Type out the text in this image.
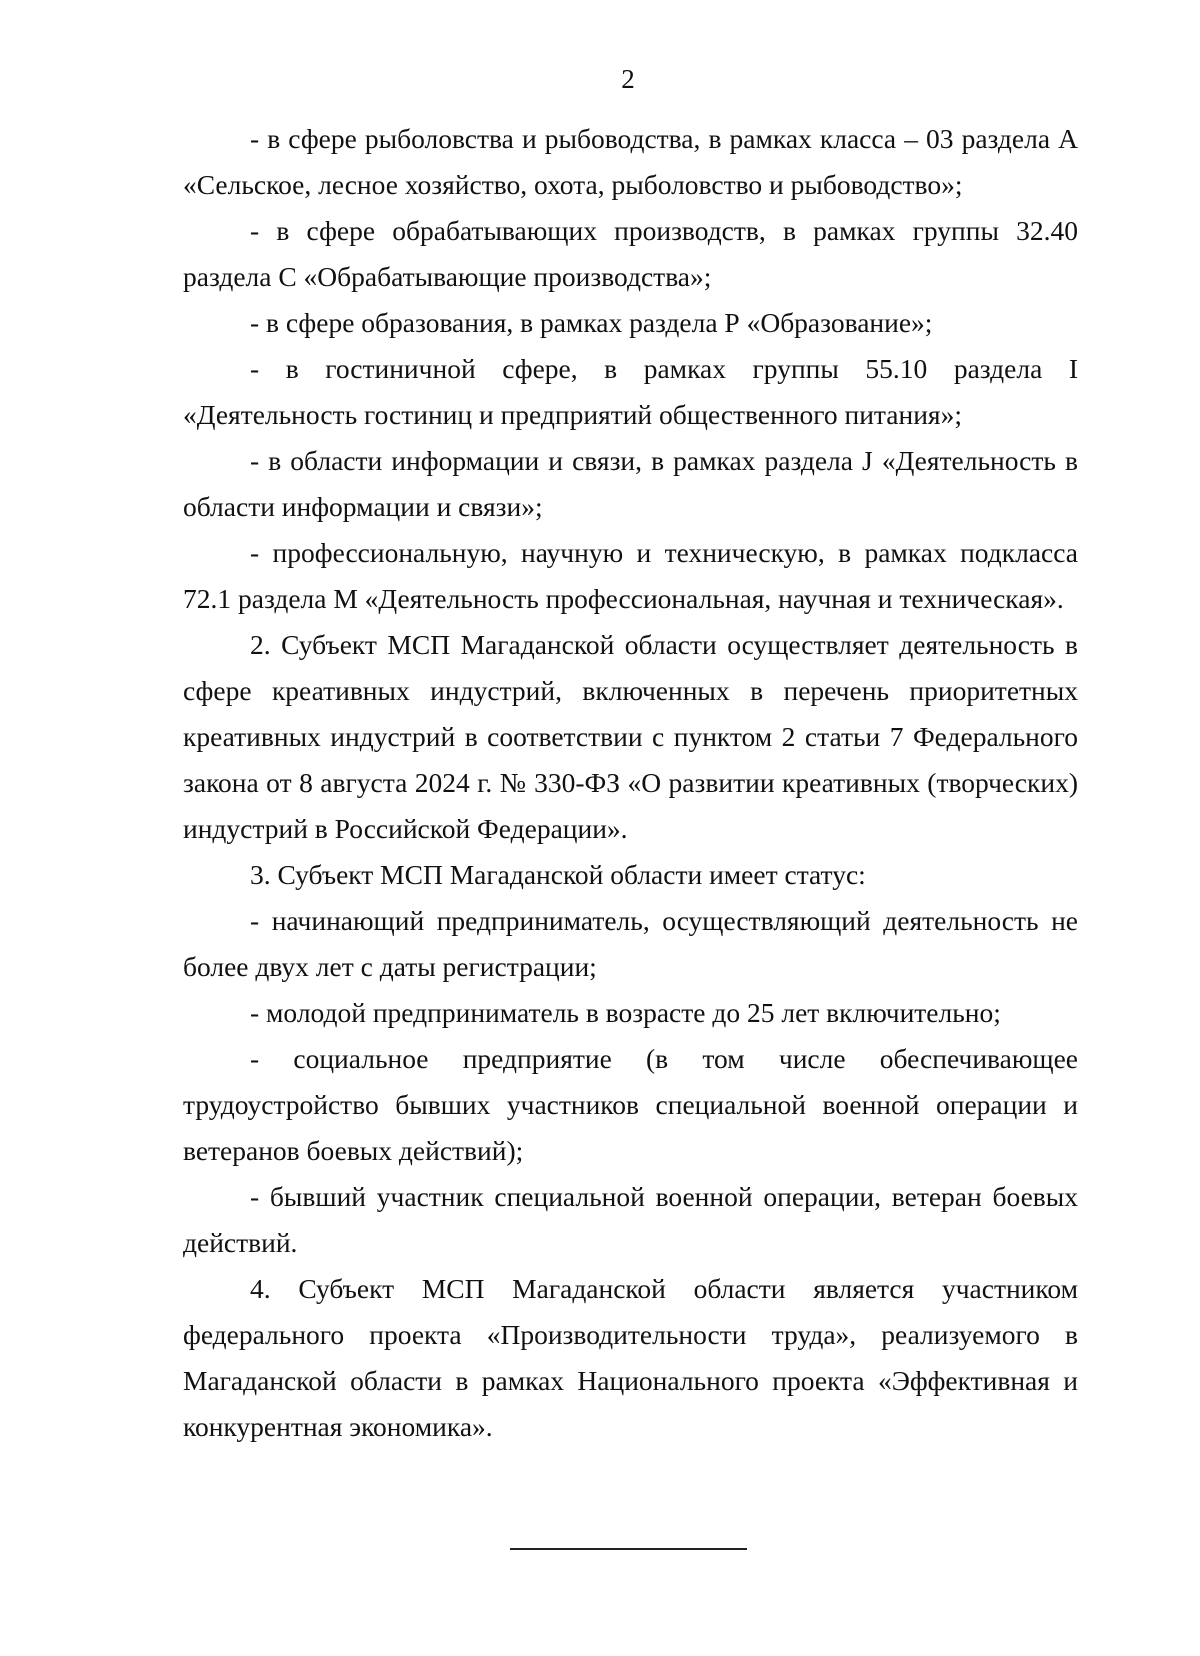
2

- в сфере рыболовства и рыбоводства, в рамках класса – 03 раздела А «Сельское, лесное хозяйство, охота, рыболовство и рыбоводство»;

- в сфере обрабатывающих производств, в рамках группы 32.40 раздела С «Обрабатывающие производства»;

- в сфере образования, в рамках раздела Р «Образование»;

- в гостиничной сфере, в рамках группы 55.10 раздела I «Деятельность гостиниц и предприятий общественного питания»;

- в области информации и связи, в рамках раздела J «Деятельность в области информации и связи»;

- профессиональную, научную и техническую, в рамках подкласса 72.1 раздела М «Деятельность профессиональная, научная и техническая».

2. Субъект МСП Магаданской области осуществляет деятельность в сфере креативных индустрий, включенных в перечень приоритетных креативных индустрий в соответствии с пунктом 2 статьи 7 Федерального закона от 8 августа 2024 г. № 330-ФЗ «О развитии креативных (творческих) индустрий в Российской Федерации».

3. Субъект МСП Магаданской области имеет статус:

- начинающий предприниматель, осуществляющий деятельность не более двух лет с даты регистрации;

- молодой предприниматель в возрасте до 25 лет включительно;

- социальное предприятие (в том числе обеспечивающее трудоустройство бывших участников специальной военной операции и ветеранов боевых действий);

- бывший участник специальной военной операции, ветеран боевых действий.

4. Субъект МСП Магаданской области является участником федерального проекта «Производительности труда», реализуемого в Магаданской области в рамках Национального проекта «Эффективная и конкурентная экономика».
